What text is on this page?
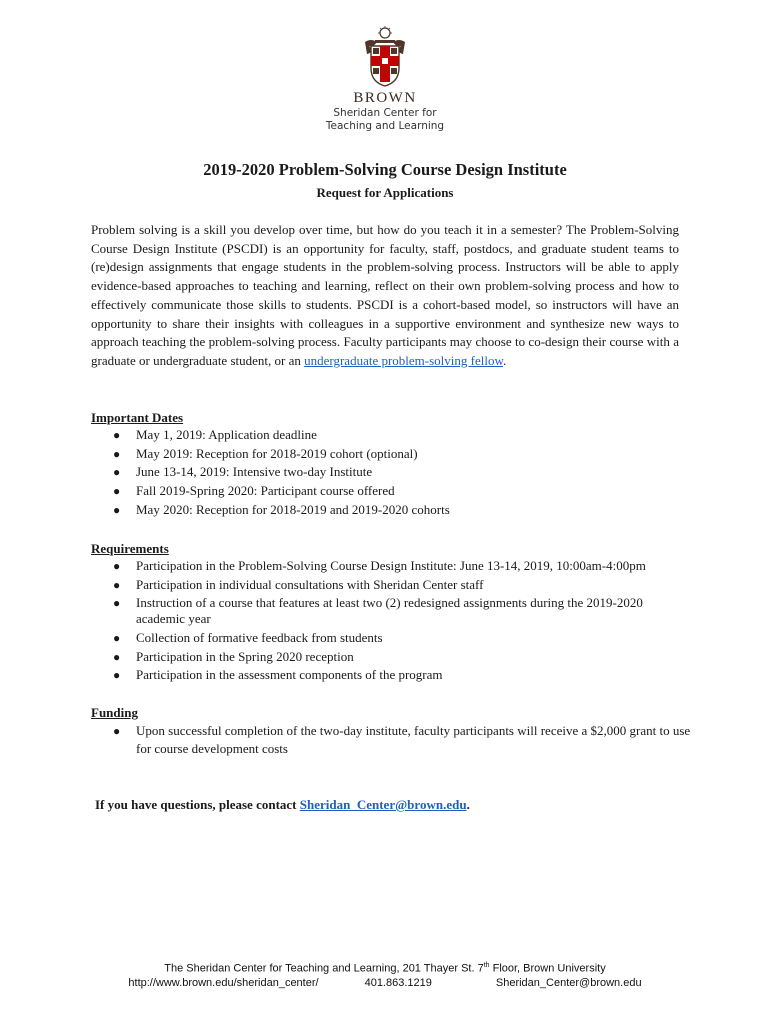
BROWN
Sheridan Center for
Teaching and Learning
2019-2020 Problem-Solving Course Design Institute
Request for Applications

Problem solving is a skill you develop over time, but how do you teach it in a semester? The Problem-Solving Course Design Institute (PSCDI) is an opportunity for faculty, staff, postdocs, and graduate student teams to (re)design assignments that engage students in the problem-solving process. Instructors will be able to apply evidence-based approaches to teaching and learning, reflect on their own problem-solving process and how to effectively communicate those skills to students. PSCDI is a cohort-based model, so instructors will have an opportunity to share their insights with colleagues in a supportive environment and synthesize new ways to approach teaching the problem-solving process. Faculty participants may choose to co-design their course with a graduate or undergraduate student, or an undergraduate problem-solving fellow.

Important Dates
● May 1, 2019: Application deadline
● May 2019: Reception for 2018-2019 cohort (optional)
● June 13-14, 2019: Intensive two-day Institute
● Fall 2019-Spring 2020: Participant course offered
● May 2020: Reception for 2018-2019 and 2019-2020 cohorts
Requirements
● Participation in the Problem-Solving Course Design Institute: June 13-14, 2019, 10:00am-4:00pm
● Participation in individual consultations with Sheridan Center staff
● Instruction of a course that features at least two (2) redesigned assignments during the 2019-2020 academic year
● Collection of formative feedback from students
● Participation in the Spring 2020 reception
● Participation in the assessment components of the program
Funding
● Upon successful completion of the two-day institute, faculty participants will receive a $2,000 grant to use for course development costs
If you have questions, please contact Sheridan_Center@brown.edu.
The Sheridan Center for Teaching and Learning, 201 Thayer St. 7th Floor, Brown University
http://www.brown.edu/sheridan_center/	401.863.1219	Sheridan_Center@brown.edu
